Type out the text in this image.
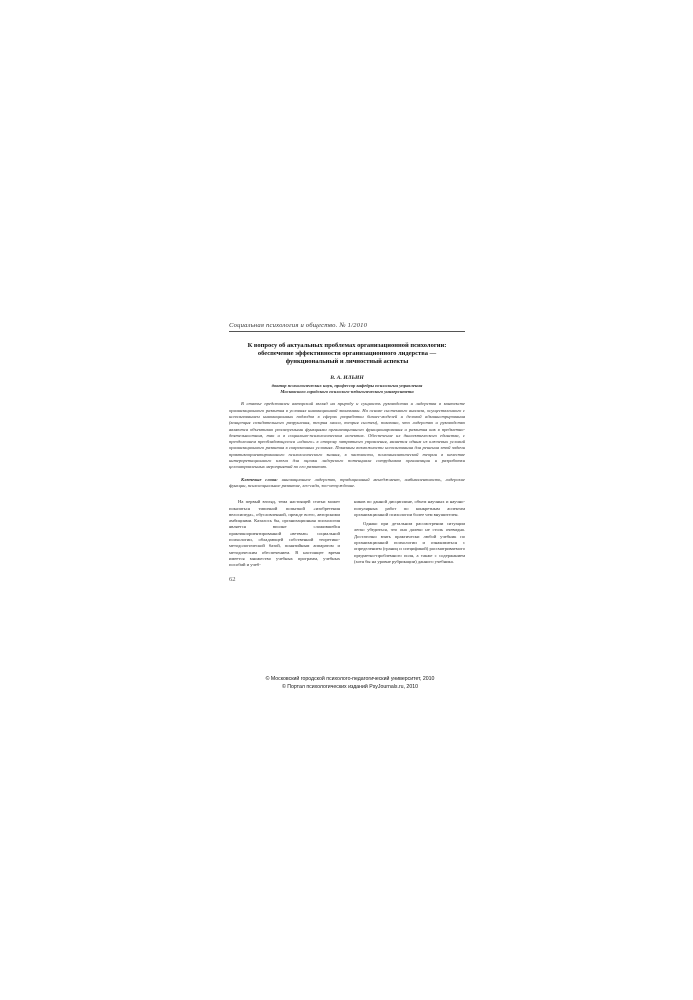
Социальная психология и общество. № 1/2010
К вопросу об актуальных проблемах организационной психологии:
обеспечение эффективности организационного лидерства —
функциональный и личностный аспекты
В. А. ИЛЬИН
доктор психологических наук, профессор кафедры психологии управления
Московского городского психолого-педагогического университета

В статье представлен авторский взгляд на природу и сущность руководства и лидерства в контексте организационного развития в условиях инновационной экономики. На основе системного анализа, осуществленного с использованием инновационных подходов в сферах разработки бизнес-моделей и деловой администрирования (концепция созидательного разрушения, теория хаоса, теория систем), показано, что лидерство и руководство являются объективно реализуемыми функциями организационного функционирования и развития как в предметно-деятельностном, так и в социально-психологическом аспектах. Обеспечение их диалектического единства, с преодолением преобладающегося «одного» в сторону затратного управления, является одним из ключевых условий организационного развития в современных условиях. Показаны возможности использования для решения этой задачи практикоориентированного психологического знания, в частности, психоаналитической теории в качестве интерпретационного ключа для оценки лидерского потенциала сотрудников организации и разработки целенаправленных мероприятий по его развитию.

Ключевые слова: инновационное лидерство, традиционный менеджмент, амбивалентность, лидерские функции, психосоциальное развитие, лео-сада, зоо-отчуждение.

На первый взгляд, тема настоящей статьи может показаться типичной попыткой «изобретения велосипеда», обусловленной, прежде всего, авторскими амбициями. Казалось бы, организационная психология является вполне сложившейся практикоориентированной «ветвью» социальной психологии, обладающей собственной теоретико-методологической базой, понятийным аппаратом и методическим обеспечением. В настоящее время имеется множество учебных программ, учебных пособий и учеб-

ников по данной дисциплине, объем научных и научно-популярных работ по конкретным аспектам организационной психологии более чем внушителен.

Однако при детальном рассмотрении ситуации легко убедиться, что она далеко не столь очевидна. Достаточно взять практически любой учебник по организационной психологии и ознакомиться с определением (границ и спецификой) рассматриваемого предметно-проблемного поля, а также с содержанием (хотя бы на уровне рубрикации) данного учебника.

62
© Московский городской психолого-педагогический университет, 2010
© Портал психологических изданий PsyJournals.ru, 2010
